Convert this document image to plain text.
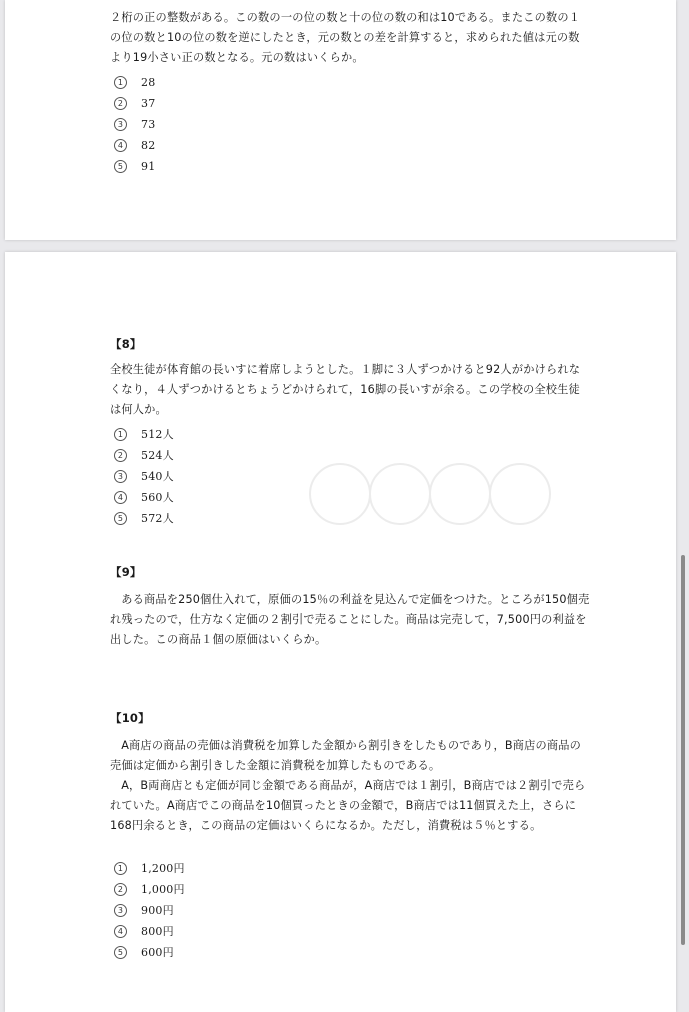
２桁の正の整数がある。この数の一の位の数と十の位の数の和は10である。またこの数の１の位の数と10の位の数を逆にしたとき，元の数との差を計算すると，求められた値は元の数より19小さい正の数となる。元の数はいくらか。

1	28
2	37
3	73
4	82
5	91
【8】

全校生徒が体育館の長いすに着席しようとした。１脚に３人ずつかけると92人がかけられなくなり，４人ずつかけるとちょうどかけられて，16脚の長いすが余る。この学校の全校生徒は何人か。

1	512人
2	524人
3	540人
4	560人
5	572人
【9】

ある商品を250個仕入れて，原価の15％の利益を見込んで定価をつけた。ところが150個売れ残ったので，仕方なく定価の２割引で売ることにした。商品は完売して，7,500円の利益を出した。この商品１個の原価はいくらか。

【10】

A商店の商品の売価は消費税を加算した金額から割引きをしたものであり，B商店の商品の売価は定価から割引きした金額に消費税を加算したものである。

A，B両商店とも定価が同じ金額である商品が，A商店では１割引，B商店では２割引で売られていた。A商店でこの商品を10個買ったときの金額で，B商店では11個買えた上，さらに168円余るとき，この商品の定価はいくらになるか。ただし，消費税は５％とする。

1	1,200円
2	1,000円
3	900円
4	800円
5	600円
